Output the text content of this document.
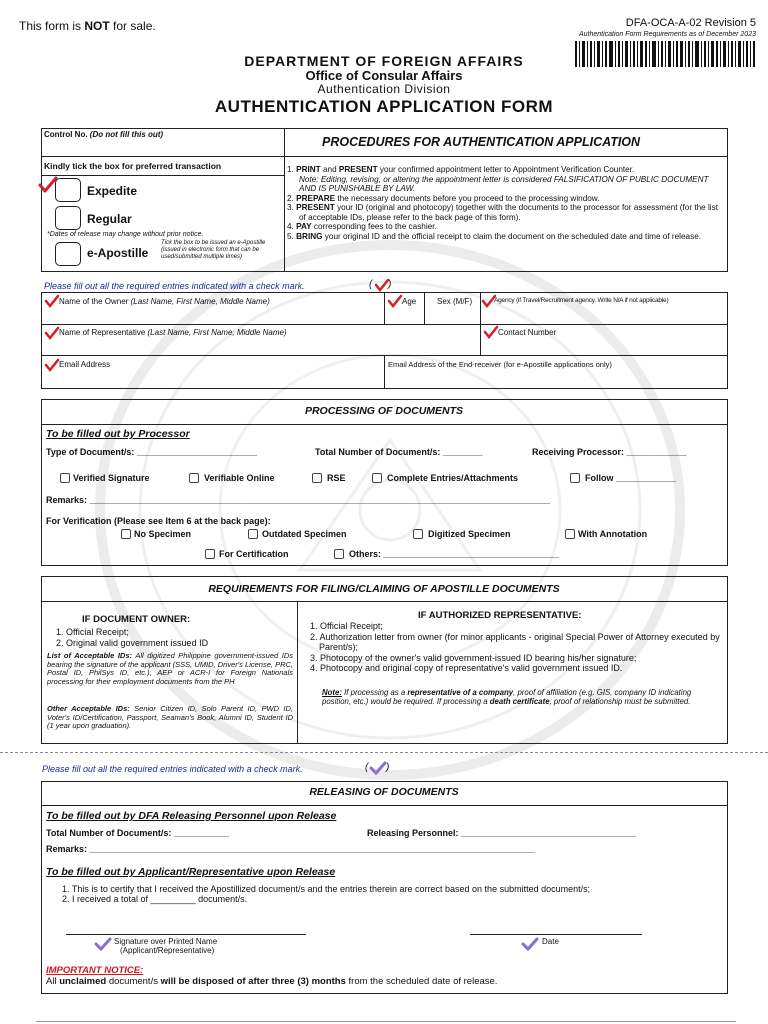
This form is NOT for sale.	DFA-OCA-A-02 Revision 5
Authentication Form Requirements as of December 2023
DEPARTMENT OF FOREIGN AFFAIRS
Office of Consular Affairs
Authentication Division
AUTHENTICATION APPLICATION FORM
Control No. (Do not fill this out)
Kindly tick the box for preferred transaction
Expedite
Regular
*Dates of release may change without prior notice.
e-Apostille
Tick the box to be issued an e-Apostille (issued in electronic form that can be used/submitted multiple times)
PROCEDURES FOR AUTHENTICATION APPLICATION
1. PRINT and PRESENT your confirmed appointment letter to Appointment Verification Counter.
Note: Editing, revising, or altering the appointment letter is considered FALSIFICATION OF PUBLIC DOCUMENT AND IS PUNISHABLE BY LAW.
2. PREPARE the necessary documents before you proceed to the processing window.
3. PRESENT your ID (original and photocopy) together with the documents to the processor for assessment (for the list of acceptable IDs, please refer to the back page of this form).
4. PAY corresponding fees to the cashier.
5. BRING your original ID and the official receipt to claim the document on the scheduled date and time of release.
Please fill out all the required entries indicated with a check mark.	( )
Name of the Owner (Last Name, First Name, Middle Name)	Age	Sex (M/F)	Agency (if Travel/Recruitment agency. Write N/A if not applicable)
Name of Representative (Last Name, First Name, Middle Name)	Contact Number
Email Address	Email Address of the End-receiver (for e-Apostille applications only)
PROCESSING OF DOCUMENTS
To be filled out by Processor
Type of Document/s: ________________________	Total Number of Document/s: ________	Receiving Processor: ____________
Verified Signature	Verifiable Online	RSE	Complete Entries/Attachments	Follow ____________
Remarks: ____________________________________________________________________________________________
For Verification (Please see Item 6 at the back page):
No Specimen	Outdated Specimen	Digitized Specimen	With Annotation
For Certification	Others: ___________________________________
REQUIREMENTS FOR FILING/CLAIMING OF APOSTILLE DOCUMENTS
IF DOCUMENT OWNER:
1. Official Receipt;
2. Original valid government issued ID
List of Acceptable IDs: All digitized Philippine government-issued IDs bearing the signature of the applicant (SSS, UMID, Driver's License, PRC, Postal ID, PhilSys ID, etc.), AEP or ACR-I for Foreign Nationals processing for their employment documents from the PH
Other Acceptable IDs: Senior Citizen ID, Solo Parent ID, PWD ID, Voter's ID/Certification, Passport, Seaman's Book, Alumni ID, Student ID (1 year upon graduation).
IF AUTHORIZED REPRESENTATIVE:
1. Official Receipt;
2. Authorization letter from owner (for minor applicants - original Special Power of Attorney executed by Parent/s);
3. Photocopy of the owner's valid government-issued ID bearing his/her signature;
4. Photocopy and original copy of representative's valid government issued ID.
Note: If processing as a representative of a company, proof of affiliation (e.g. GIS, company ID indicating position, etc.) would be required. If processing a death certificate, proof of relationship must be submitted.
Please fill out all the required entries indicated with a check mark.	( )
RELEASING OF DOCUMENTS
To be filled out by DFA Releasing Personnel upon Release
Total Number of Document/s: ___________	Releasing Personnel: ___________________________________
Remarks: _________________________________________________________________________________________
To be filled out by Applicant/Representative upon Release
1. This is to certify that I received the Apostillized document/s and the entries therein are correct based on the submitted document/s;
2. I received a total of _________ document/s.
Signature over Printed Name
(Applicant/Representative)
Date
IMPORTANT NOTICE:
All unclaimed document/s will be disposed of after three (3) months from the scheduled date of release.
